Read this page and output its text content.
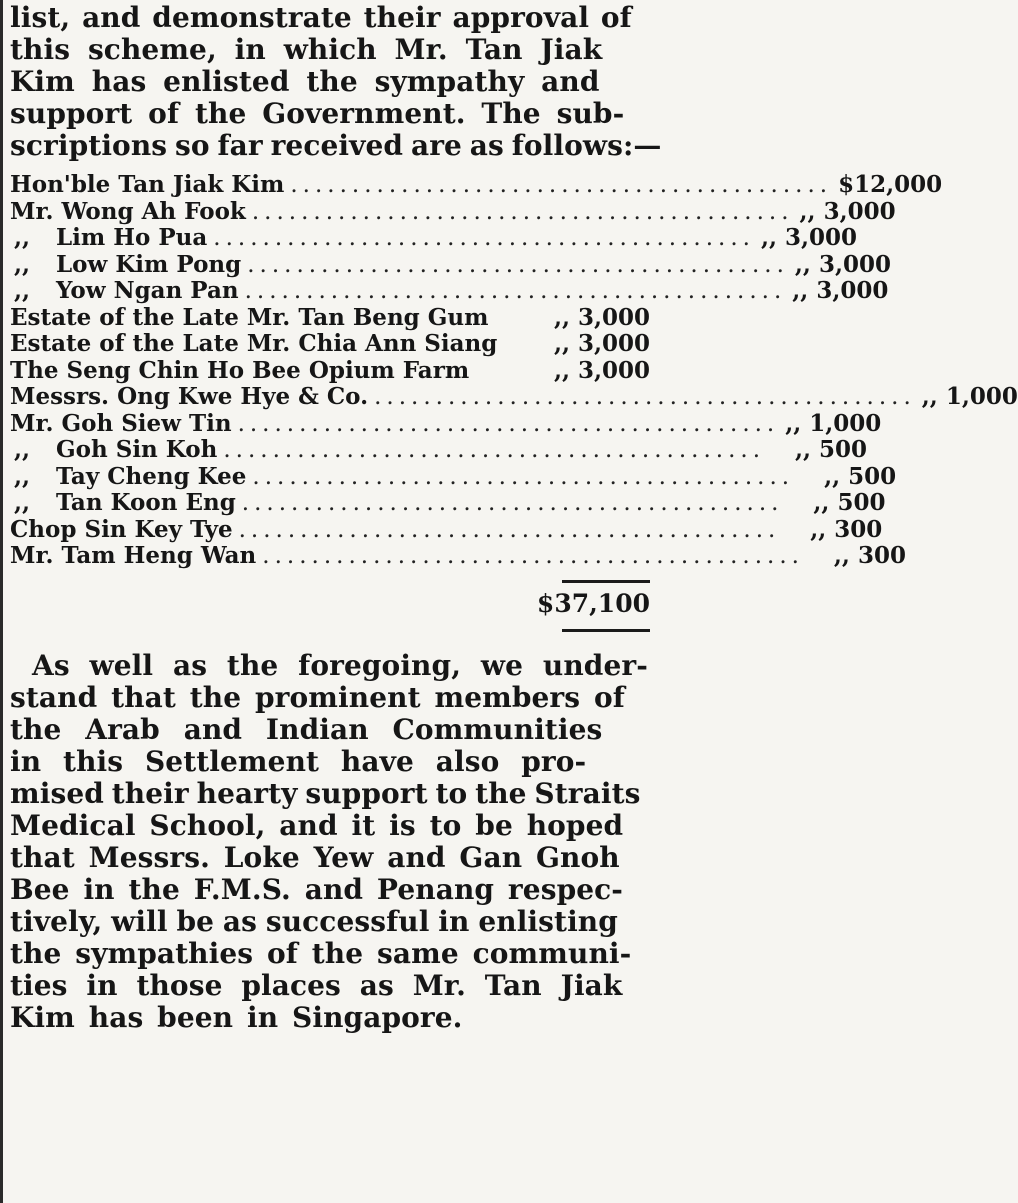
list, and demonstrate their approval of
this scheme, in which Mr. Tan Jiak
Kim has enlisted the sympathy and
support of the Government. The sub-
scriptions so far received are as follows:—
Hon'ble Tan Jiak Kim ............................................ $12,000
Mr. Wong Ah Fook ............................................ ,, 3,000
,, Lim Ho Pua ............................................ ,, 3,000
,, Low Kim Pong ............................................ ,, 3,000
,, Yow Ngan Pan ............................................ ,, 3,000
Estate of the Late Mr. Tan Beng Gum	,, 3,000
Estate of the Late Mr. Chia Ann Siang ,, 3,000
The Seng Chin Ho Bee Opium Farm	,, 3,000
Messrs. Ong Kwe Hye & Co. ............................................ ,, 1,000
Mr. Goh Siew Tin ............................................ ,, 1,000
,, Goh Sin Koh ............................................	,, 500
,, Tay Cheng Kee ............................................	,, 500
,, Tan Koon Eng ............................................	,, 500
Chop Sin Key Tye ............................................	,, 300
Mr. Tam Heng Wan ............................................	,, 300
$37,100
As well as the foregoing, we under-
stand that the prominent members of
the Arab and Indian Communities
in this Settlement have also pro-
mised their hearty support to the Straits
Medical School, and it is to be hoped
that Messrs. Loke Yew and Gan Gnoh
Bee in the F.M.S. and Penang respec-
tively, will be as successful in enlisting
the sympathies of the same communi-
ties in those places as Mr. Tan Jiak
Kim has been in Singapore.
